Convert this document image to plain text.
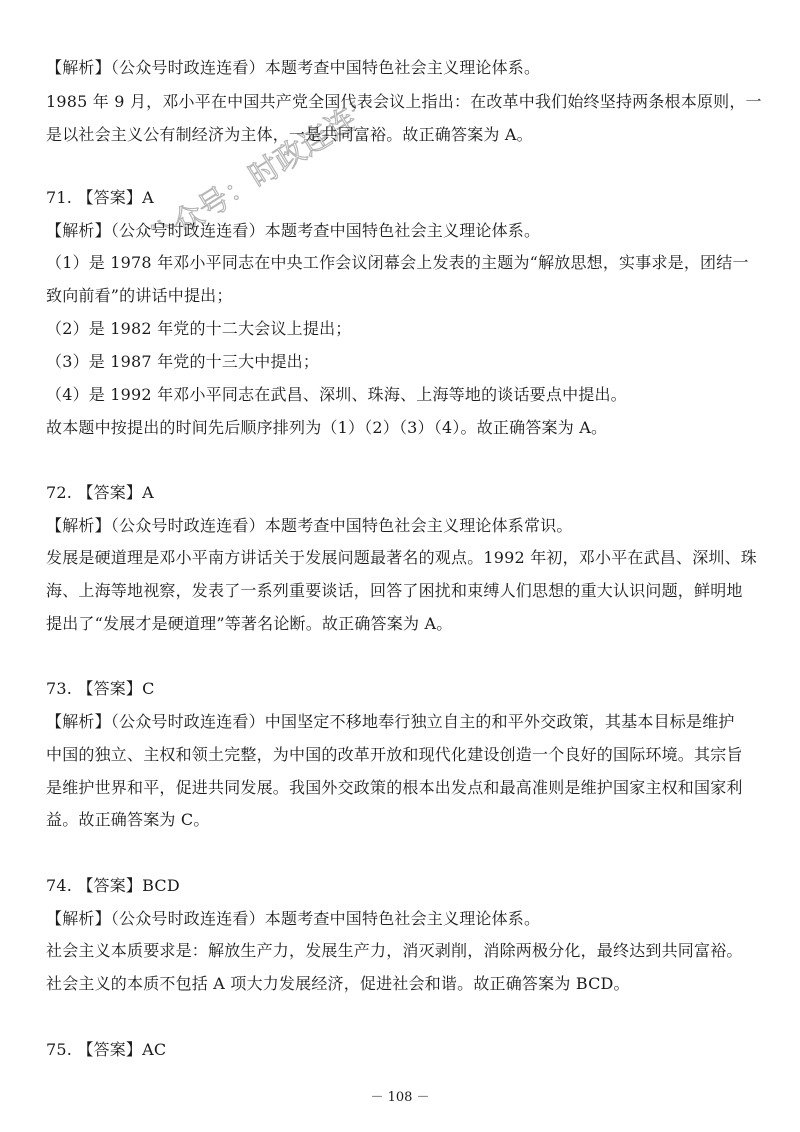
公众号：时政连连看
【解析】（公众号时政连连看）本题考查中国特色社会主义理论体系。
1985 年 9 月，邓小平在中国共产党全国代表会议上指出：在改革中我们始终坚持两条根本原则，一
是以社会主义公有制经济为主体，一是共同富裕。故正确答案为 A。
71. 【答案】A
【解析】（公众号时政连连看）本题考查中国特色社会主义理论体系。
（1）是 1978 年邓小平同志在中央工作会议闭幕会上发表的主题为“解放思想，实事求是，团结一
致向前看”的讲话中提出；
（2）是 1982 年党的十二大会议上提出；
（3）是 1987 年党的十三大中提出；
（4）是 1992 年邓小平同志在武昌、深圳、珠海、上海等地的谈话要点中提出。
故本题中按提出的时间先后顺序排列为（1）（2）（3）（4）。故正确答案为 A。
72. 【答案】A
【解析】（公众号时政连连看）本题考查中国特色社会主义理论体系常识。
发展是硬道理是邓小平南方讲话关于发展问题最著名的观点。1992 年初，邓小平在武昌、深圳、珠
海、上海等地视察，发表了一系列重要谈话，回答了困扰和束缚人们思想的重大认识问题，鲜明地
提出了“发展才是硬道理”等著名论断。故正确答案为 A。
73. 【答案】C
【解析】（公众号时政连连看）中国坚定不移地奉行独立自主的和平外交政策，其基本目标是维护
中国的独立、主权和领土完整，为中国的改革开放和现代化建设创造一个良好的国际环境。其宗旨
是维护世界和平，促进共同发展。我国外交政策的根本出发点和最高准则是维护国家主权和国家利
益。故正确答案为 C。
74. 【答案】BCD
【解析】（公众号时政连连看）本题考查中国特色社会主义理论体系。
社会主义本质要求是：解放生产力，发展生产力，消灭剥削，消除两极分化，最终达到共同富裕。
社会主义的本质不包括 A 项大力发展经济，促进社会和谐。故正确答案为 BCD。
75. 【答案】AC
－ 108 －
